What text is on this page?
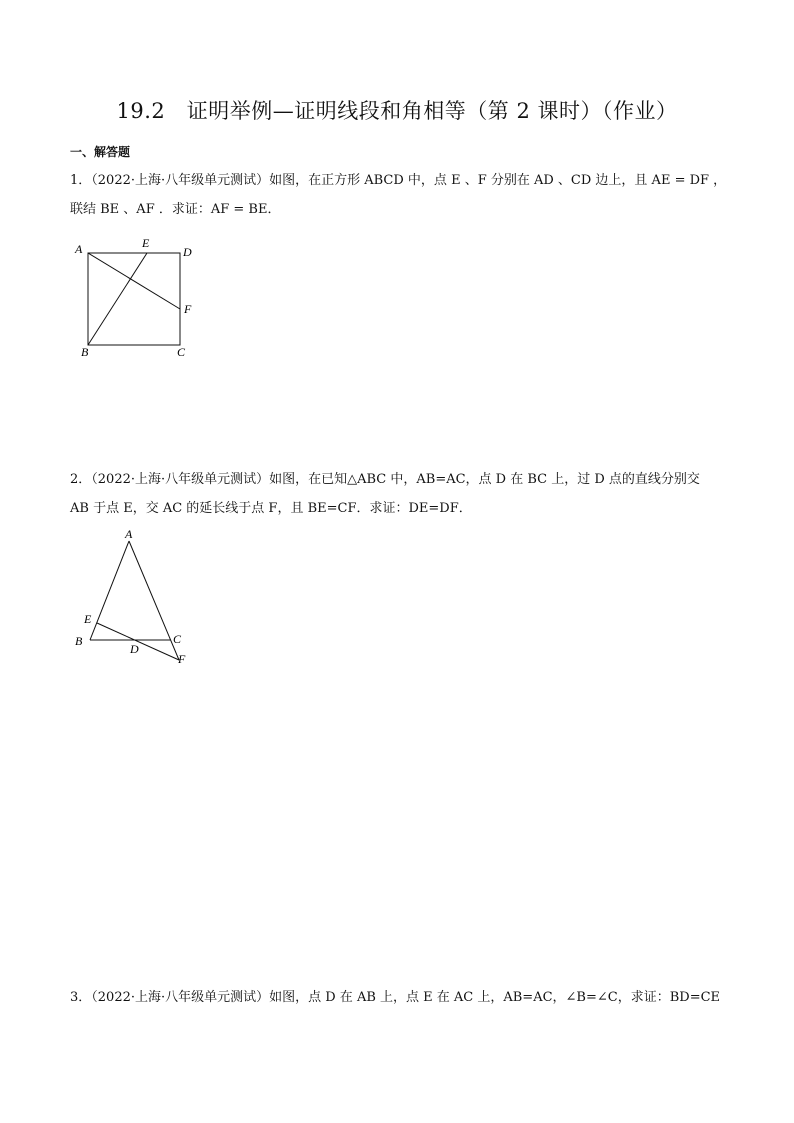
19.2　证明举例—证明线段和角相等（第 2 课时）（作业）
一、解答题
1．（2022·上海·八年级单元测试）如图，在正方形 ABCD 中，点 E 、F 分别在 AD 、CD 边上，且 AE = DF ，
联结 BE 、AF ．求证：AF = BE．
A	E
D
F
B	C
2．（2022·上海·八年级单元测试）如图，在已知△ABC 中，AB=AC，点 D 在 BC 上，过 D 点的直线分别交
AB 于点 E，交 AC 的延长线于点 F，且 BE=CF．求证：DE=DF．
A
E
B
D
C
F
3．（2022·上海·八年级单元测试）如图，点 D 在 AB 上，点 E 在 AC 上，AB=AC，∠B=∠C，求证：BD=CE
